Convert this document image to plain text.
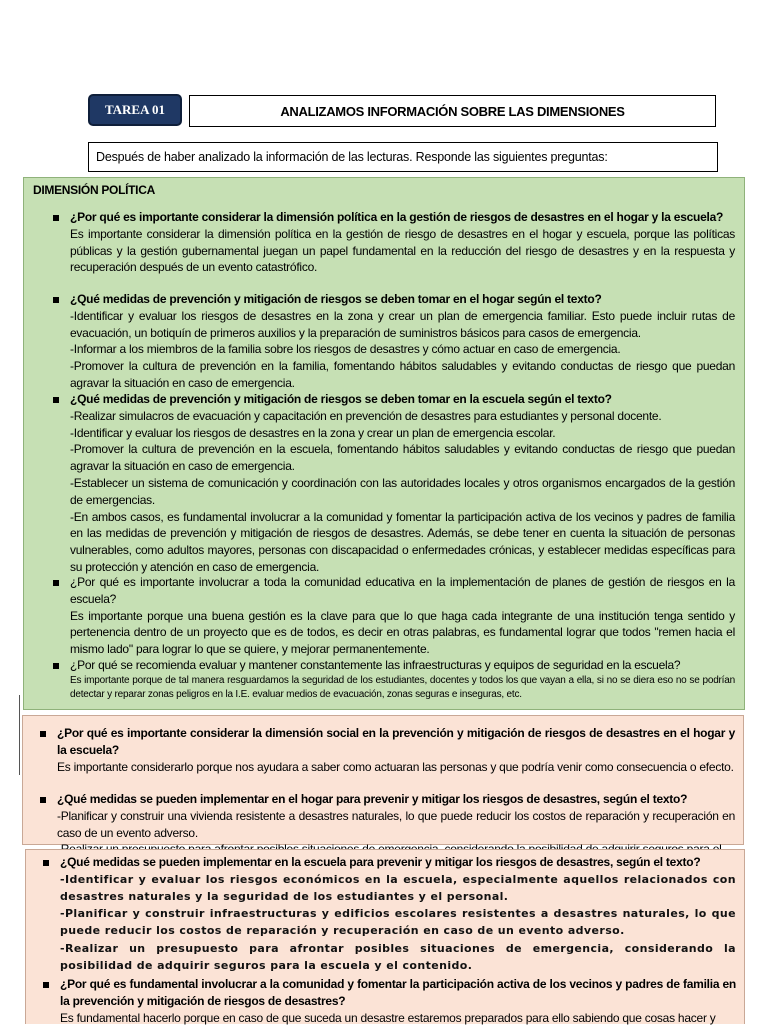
TAREA 01	ANALIZAMOS INFORMACIÓN SOBRE LAS DIMENSIONES
Después de haber analizado la información de las lecturas. Responde las siguientes preguntas:
DIMENSIÓN POLÍTICA
¿Por qué es importante considerar la dimensión política en la gestión de riesgos de desastres en el hogar y la escuela?
Es importante considerar la dimensión política en la gestión de riesgo de desastres en el hogar y escuela, porque las políticas públicas y la gestión gubernamental juegan un papel fundamental en la reducción del riesgo de desastres y en la respuesta y recuperación después de un evento catastrófico.
¿Qué medidas de prevención y mitigación de riesgos se deben tomar en el hogar según el texto?
-Identificar y evaluar los riesgos de desastres en la zona y crear un plan de emergencia familiar. Esto puede incluir rutas de evacuación, un botiquín de primeros auxilios y la preparación de suministros básicos para casos de emergencia.
-Informar a los miembros de la familia sobre los riesgos de desastres y cómo actuar en caso de emergencia.
-Promover la cultura de prevención en la familia, fomentando hábitos saludables y evitando conductas de riesgo que puedan agravar la situación en caso de emergencia.
¿Qué medidas de prevención y mitigación de riesgos se deben tomar en la escuela según el texto?
-Realizar simulacros de evacuación y capacitación en prevención de desastres para estudiantes y personal docente.
-Identificar y evaluar los riesgos de desastres en la zona y crear un plan de emergencia escolar.
-Promover la cultura de prevención en la escuela, fomentando hábitos saludables y evitando conductas de riesgo que puedan agravar la situación en caso de emergencia.
-Establecer un sistema de comunicación y coordinación con las autoridades locales y otros organismos encargados de la gestión de emergencias.
-En ambos casos, es fundamental involucrar a la comunidad y fomentar la participación activa de los vecinos y padres de familia en las medidas de prevención y mitigación de riesgos de desastres. Además, se debe tener en cuenta la situación de personas vulnerables, como adultos mayores, personas con discapacidad o enfermedades crónicas, y establecer medidas específicas para su protección y atención en caso de emergencia.
¿Por qué es importante involucrar a toda la comunidad educativa en la implementación de planes de gestión de riesgos en la escuela?
Es importante porque una buena gestión es la clave para que lo que haga cada integrante de una institución tenga sentido y pertenencia dentro de un proyecto que es de todos, es decir en otras palabras, es fundamental lograr que todos "remen hacia el mismo lado" para lograr lo que se quiere, y mejorar permanentemente.
¿Por qué se recomienda evaluar y mantener constantemente las infraestructuras y equipos de seguridad en la escuela?
Es importante porque de tal manera resguardamos la seguridad de los estudiantes, docentes y todos los que vayan a ella, si no se diera eso no se podrían detectar y reparar zonas peligros en la I.E. evaluar medios de evacuación, zonas seguras e inseguras, etc.
¿Por qué es importante considerar la dimensión social en la prevención y mitigación de riesgos de desastres en el hogar y la escuela?
Es importante considerarlo porque nos ayudara a saber como actuaran las personas y que podría venir como consecuencia o efecto.
¿Qué medidas se pueden implementar en el hogar para prevenir y mitigar los riesgos de desastres, según el texto?
-Planificar y construir una vivienda resistente a desastres naturales, lo que puede reducir los costos de reparación y recuperación en caso de un evento adverso.
¿Qué medidas se pueden implementar en la escuela para prevenir y mitigar los riesgos de desastres, según el texto?
-Identificar y evaluar los riesgos económicos en la escuela, especialmente aquellos relacionados con desastres naturales y la seguridad de los estudiantes y el personal.
-Planificar y construir infraestructuras y edificios escolares resistentes a desastres naturales, lo que puede reducir los costos de reparación y recuperación en caso de un evento adverso.
-Realizar un presupuesto para afrontar posibles situaciones de emergencia, considerando la posibilidad de adquirir seguros para la escuela y el contenido.
¿Por qué es fundamental involucrar a la comunidad y fomentar la participación activa de los vecinos y padres de familia en la prevención y mitigación de riesgos de desastres?
Es fundamental hacerlo porque en caso de que suceda un desastre estaremos preparados para ello sabiendo que cosas hacer y
